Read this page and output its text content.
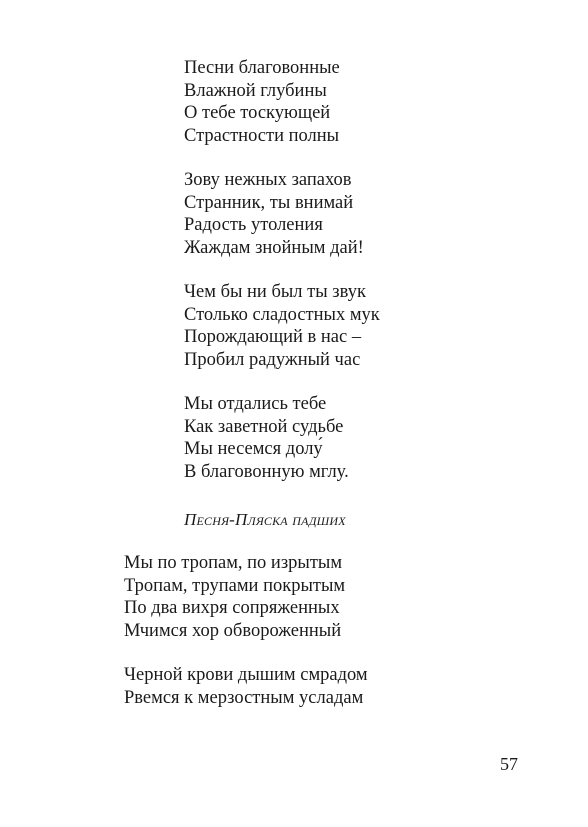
Песни благовонные
Влажной глубины
О тебе тоскующей
Страстности полны
Зову нежных запахов
Странник, ты внимай
Радость утоления
Жаждам знойным дай!
Чем бы ни был ты звук
Столько сладостных мук
Порождающий в нас –
Пробил радужный час
Мы отдались тебе
Как заветной судьбе
Мы несемся долу́
В благовонную мглу.
Песня-Пляска падших
Мы по тропам, по изрытым
Тропам, трупами покрытым
По два вихря сопряженных
Мчимся хор обвороженный
Черной крови дышим смрадом
Рвемся к мерзостным усладам
57
